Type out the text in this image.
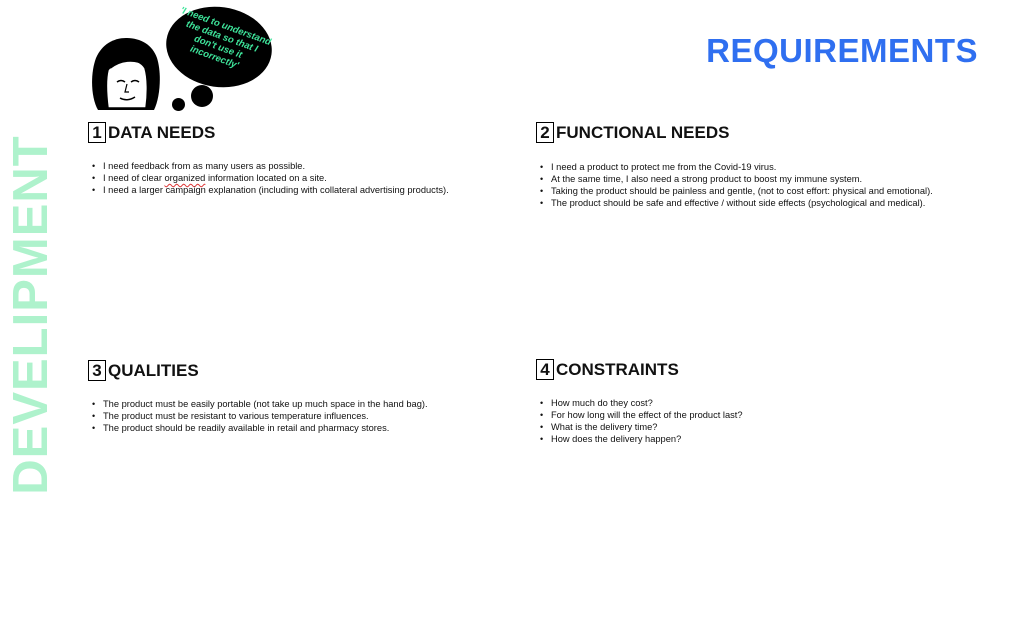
DEVELIPMENT
REQUIREMENTS
'I need to understand the data so that I don't use it incorrectly'
1 DATA NEEDS
• I need feedback from as many users as possible.
• I need of clear organized information located on a site.
• I need a larger campaign explanation (including with collateral advertising products).
2 FUNCTIONAL NEEDS
• I need a product to protect me from the Covid-19 virus.
• At the same time, I also need a strong product to boost my immune system.
• Taking the product should be painless and gentle, (not to cost effort: physical and emotional).
• The product should be safe and effective / without side effects (psychological and medical).
3 QUALITIES
• The product must be easily portable (not take up much space in the hand bag).
• The product must be resistant to various temperature influences.
• The product should be readily available in retail and pharmacy stores.
4 CONSTRAINTS
• How much do they cost?
• For how long will the effect of the product last?
• What is the delivery time?
• How does the delivery happen?
